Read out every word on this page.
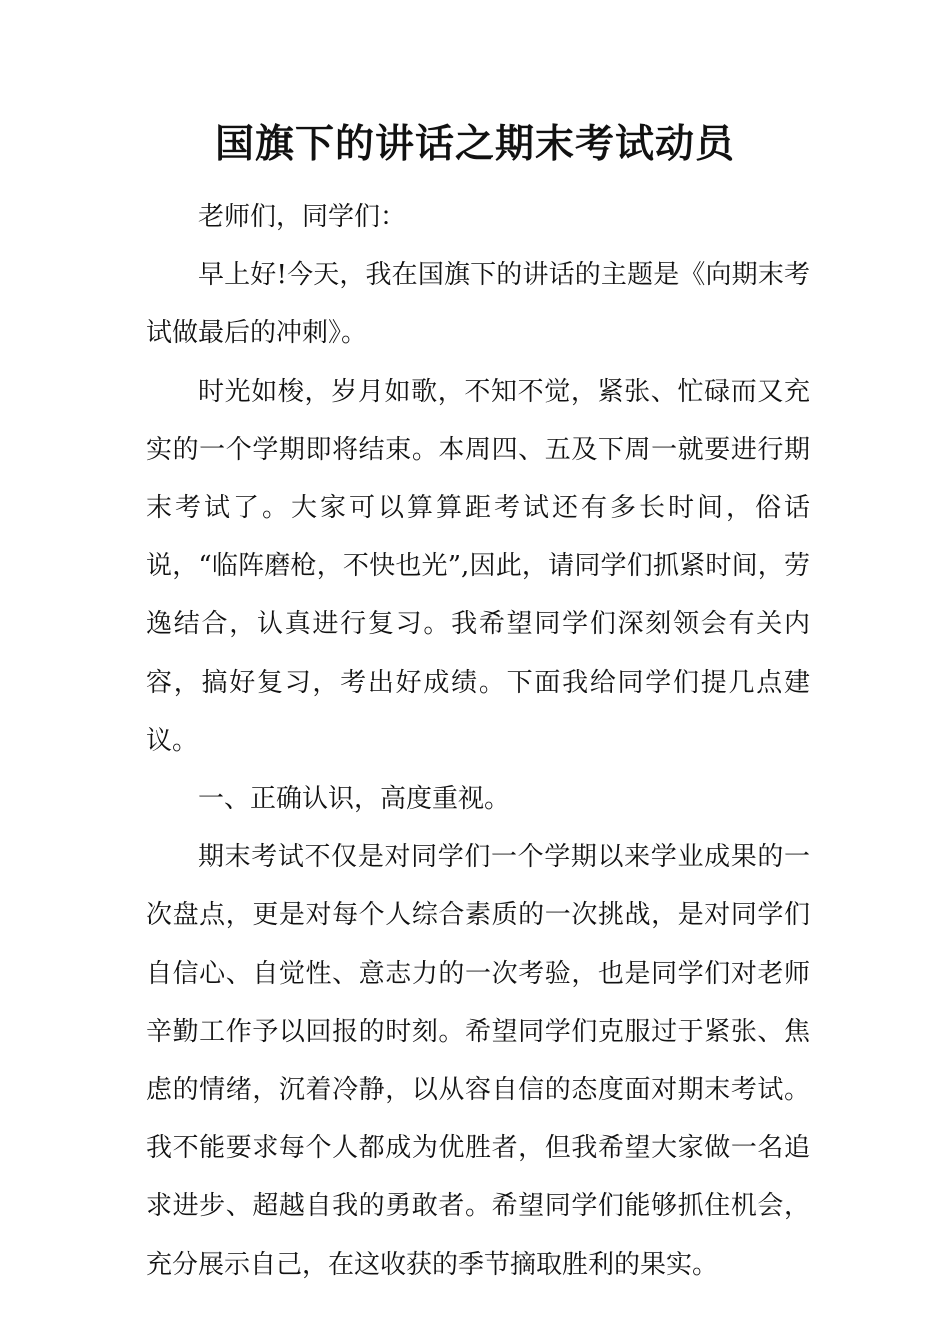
国旗下的讲话之期末考试动员

老师们，同学们：

早上好!今天，我在国旗下的讲话的主题是《向期末考试做最后的冲刺》。

时光如梭，岁月如歌，不知不觉，紧张、忙碌而又充实的一个学期即将结束。本周四、五及下周一就要进行期末考试了。大家可以算算距考试还有多长时间，俗话说，“临阵磨枪，不快也光”,因此，请同学们抓紧时间，劳逸结合，认真进行复习。我希望同学们深刻领会有关内容，搞好复习，考出好成绩。下面我给同学们提几点建议。

一、正确认识，高度重视。

期末考试不仅是对同学们一个学期以来学业成果的一次盘点，更是对每个人综合素质的一次挑战，是对同学们自信心、自觉性、意志力的一次考验，也是同学们对老师辛勤工作予以回报的时刻。希望同学们克服过于紧张、焦虑的情绪，沉着冷静，以从容自信的态度面对期末考试。我不能要求每个人都成为优胜者，但我希望大家做一名追求进步、超越自我的勇敢者。希望同学们能够抓住机会，充分展示自己，在这收获的季节摘取胜利的果实。
